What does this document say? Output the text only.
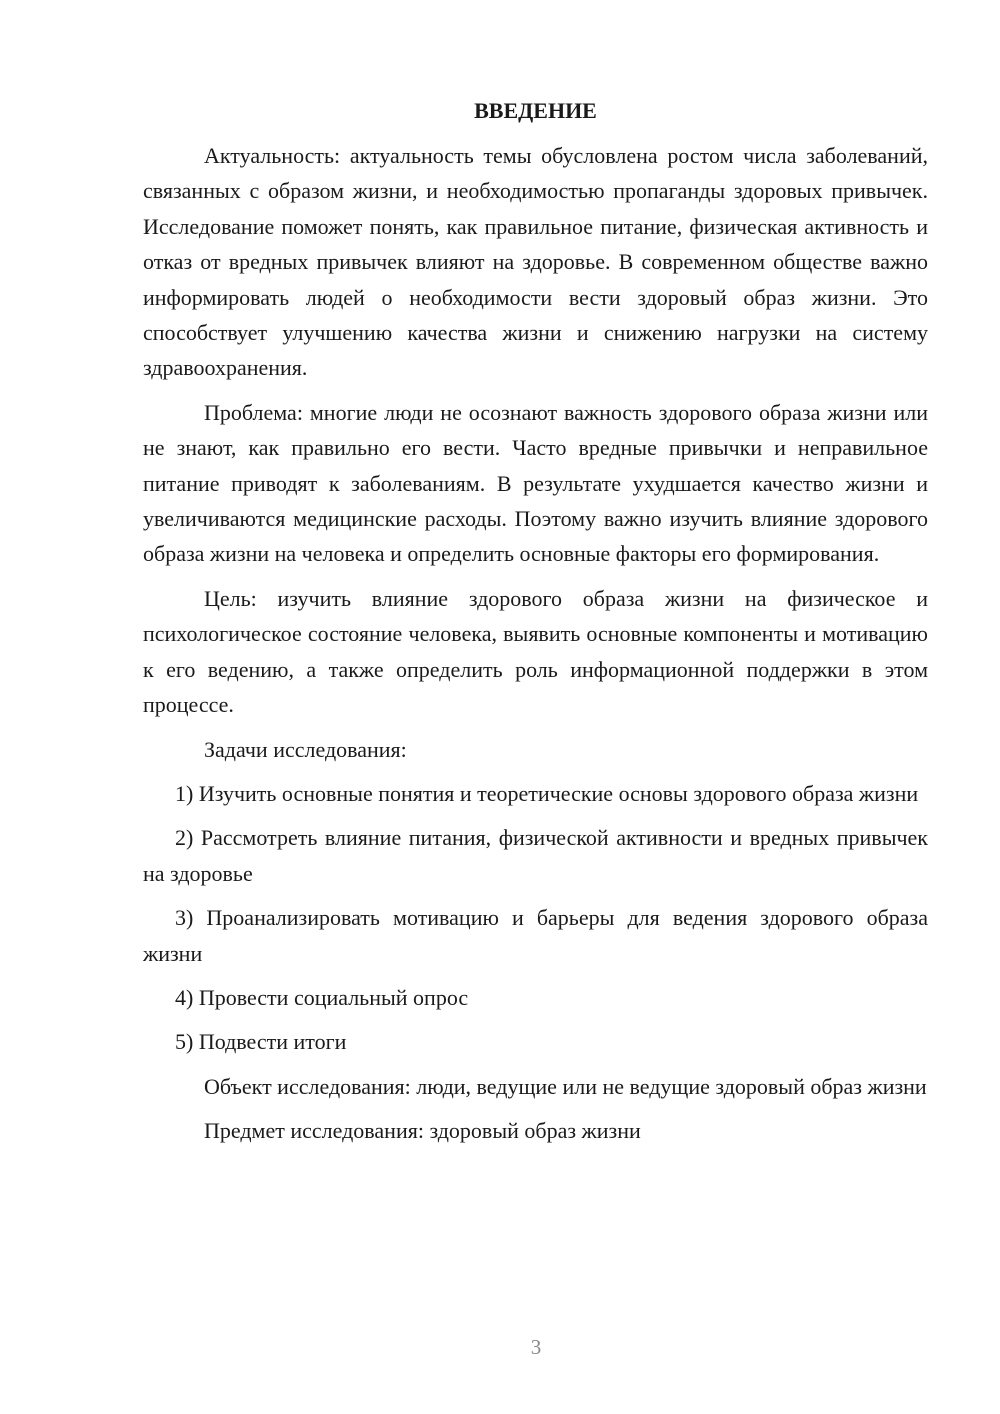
ВВЕДЕНИЕ
Актуальность: актуальность темы обусловлена ростом числа заболеваний, связанных с образом жизни, и необходимостью пропаганды здоровых привычек. Исследование поможет понять, как правильное питание, физическая активность и отказ от вредных привычек влияют на здоровье. В современном обществе важно информировать людей о необходимости вести здоровый образ жизни. Это способствует улучшению качества жизни и снижению нагрузки на систему здравоохранения.
Проблема: многие люди не осознают важность здорового образа жизни или не знают, как правильно его вести. Часто вредные привычки и неправильное питание приводят к заболеваниям. В результате ухудшается качество жизни и увеличиваются медицинские расходы. Поэтому важно изучить влияние здорового образа жизни на человека и определить основные факторы его формирования.
Цель: изучить влияние здорового образа жизни на физическое и психологическое состояние человека, выявить основные компоненты и мотивацию к его ведению, а также определить роль информационной поддержки в этом процессе.
Задачи исследования:
1) Изучить основные понятия и теоретические основы здорового образа жизни
2) Рассмотреть влияние питания, физической активности и вредных привычек на здоровье
3) Проанализировать мотивацию и барьеры для ведения здорового образа жизни
4) Провести социальный опрос
5) Подвести итоги
Объект исследования: люди, ведущие или не ведущие здоровый образ жизни
Предмет исследования: здоровый образ жизни
3
